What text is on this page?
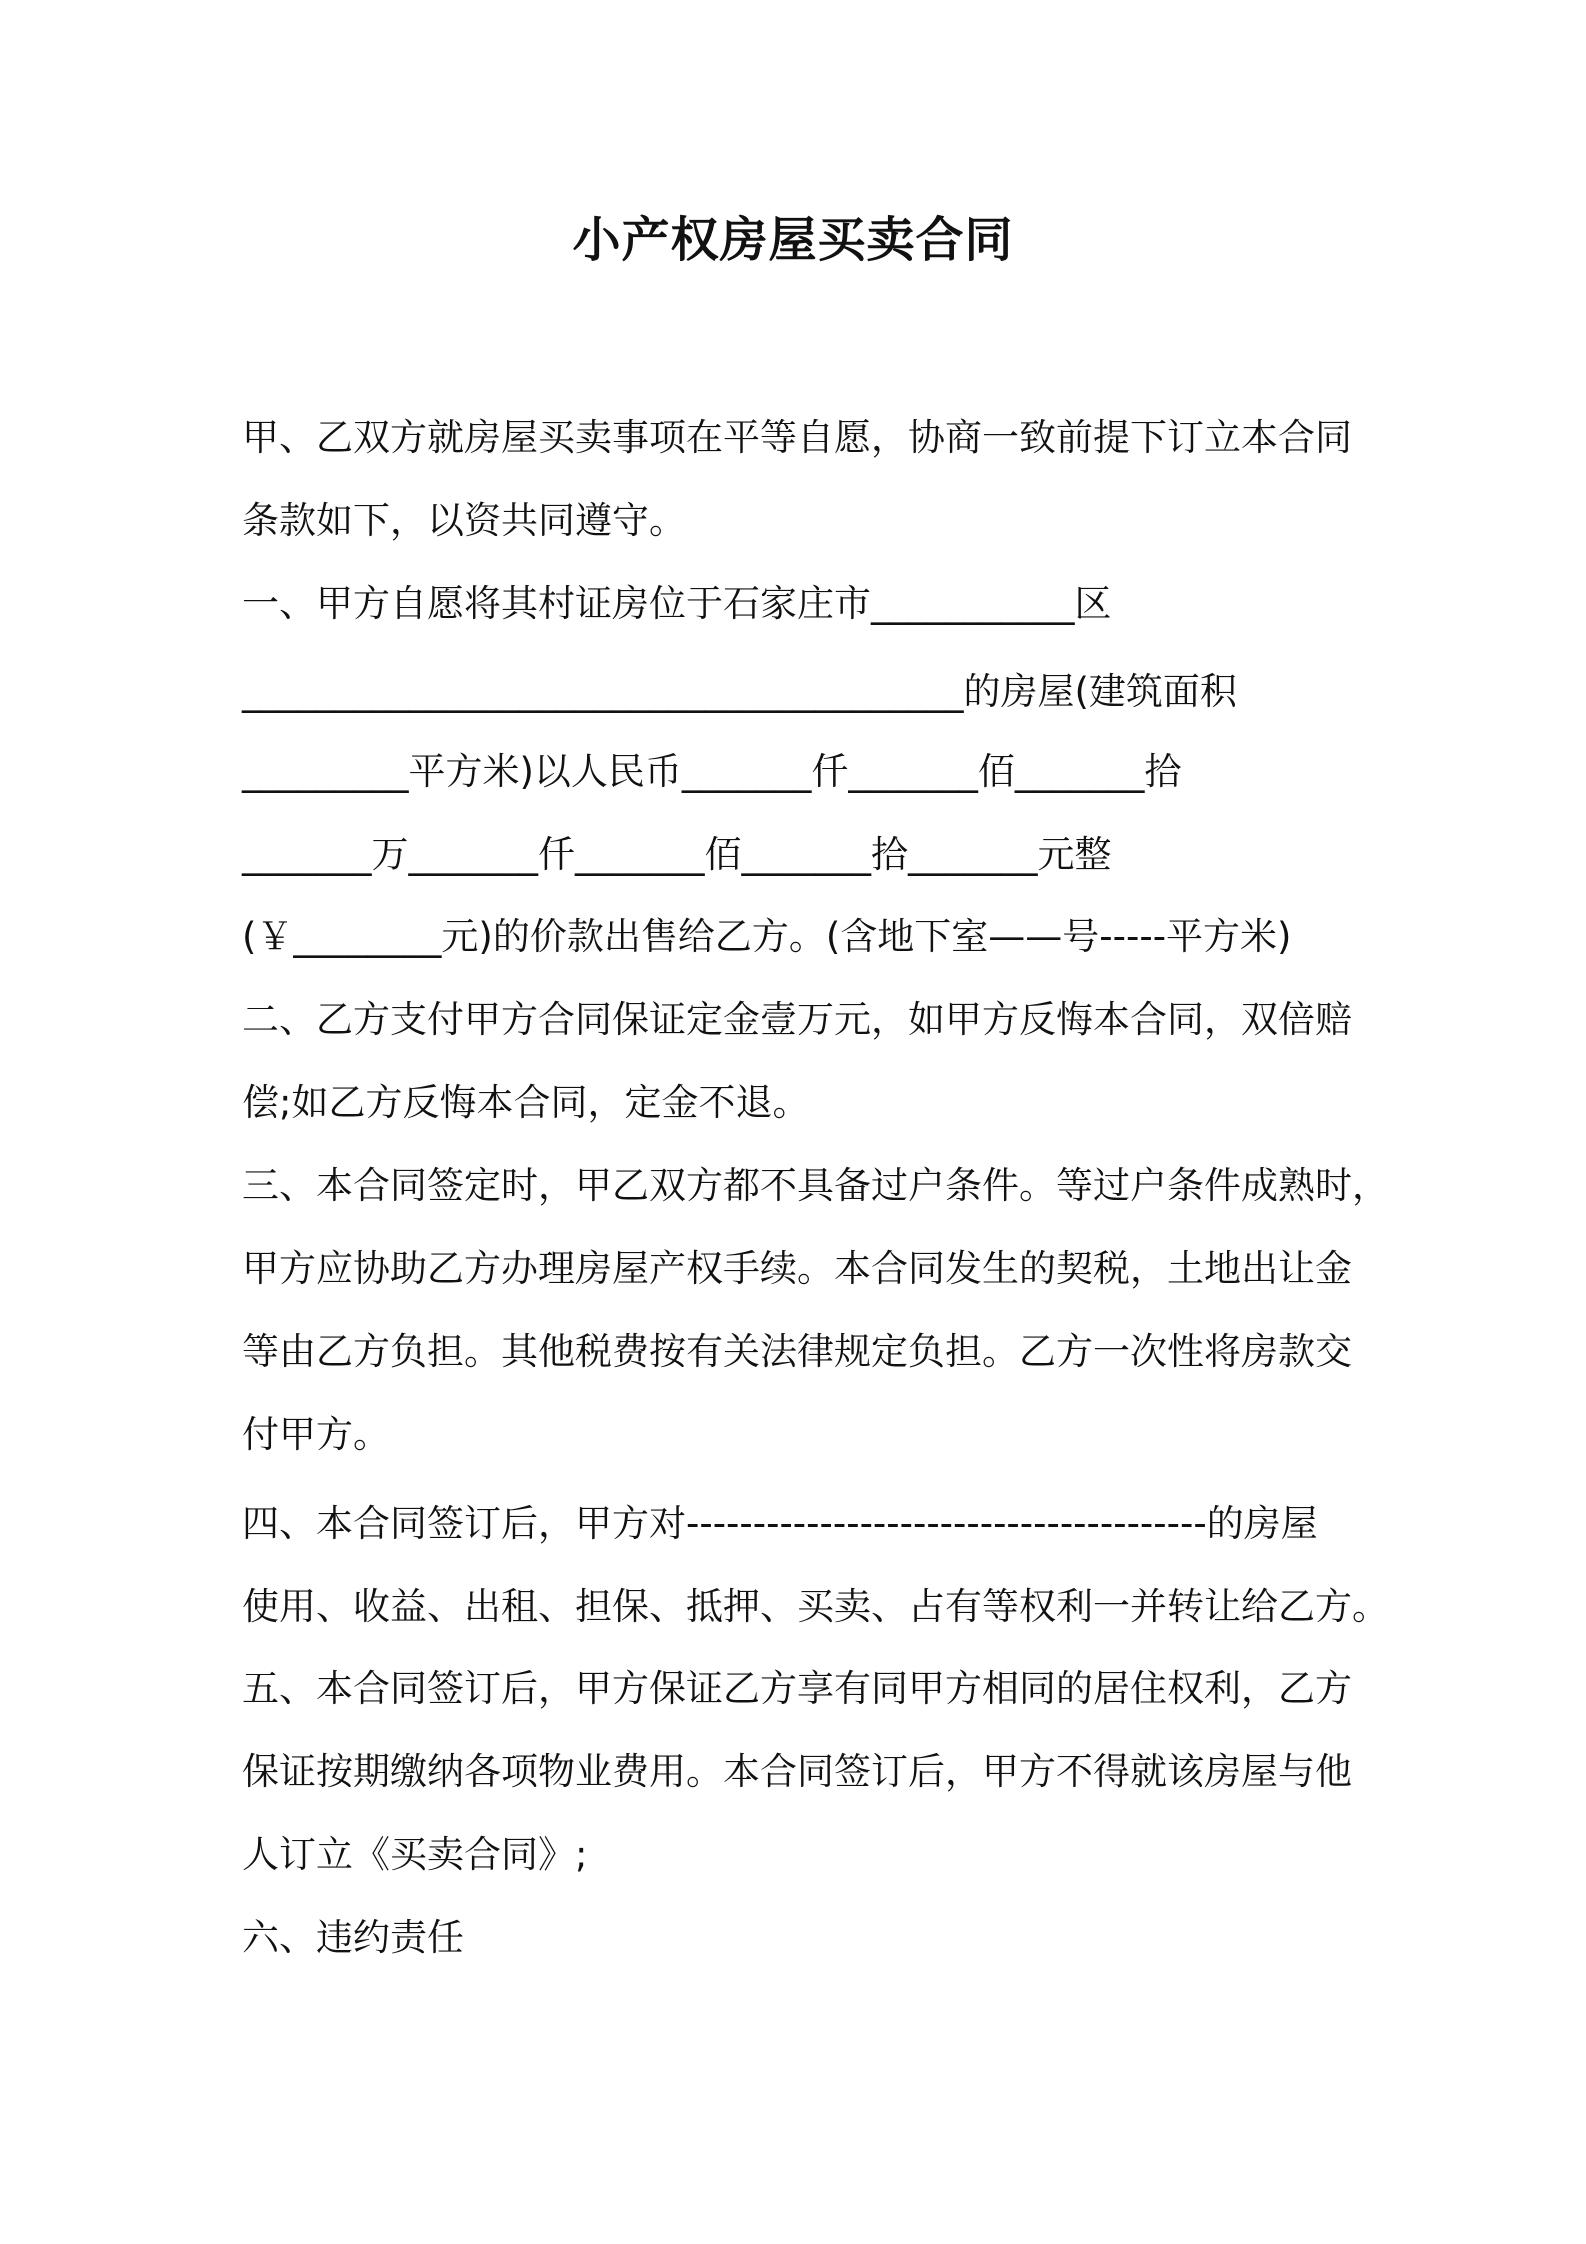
小产权房屋买卖合同

甲、乙双方就房屋买卖事项在平等自愿，协商一致前提下订立本合同

条款如下，以资共同遵守。

一、甲方自愿将其村证房位于石家庄市___________区

_______________________________________的房屋(建筑面积

_________平方米)以人民币_______仟_______佰_______拾

_______万_______仟_______佰_______拾_______元整

(￥________元)的价款出售给乙方。(含地下室——号-----平方米)

二、乙方支付甲方合同保证定金壹万元，如甲方反悔本合同，双倍赔

偿;如乙方反悔本合同，定金不退。

三、本合同签定时，甲乙双方都不具备过户条件。等过户条件成熟时，

甲方应协助乙方办理房屋产权手续。本合同发生的契税，土地出让金

等由乙方负担。其他税费按有关法律规定负担。乙方一次性将房款交

付甲方。

四、本合同签订后，甲方对---------------------------------------的房屋

使用、收益、出租、担保、抵押、买卖、占有等权利一并转让给乙方。

五、本合同签订后，甲方保证乙方享有同甲方相同的居住权利，乙方

保证按期缴纳各项物业费用。本合同签订后，甲方不得就该房屋与他

人订立《买卖合同》;

六、违约责任
